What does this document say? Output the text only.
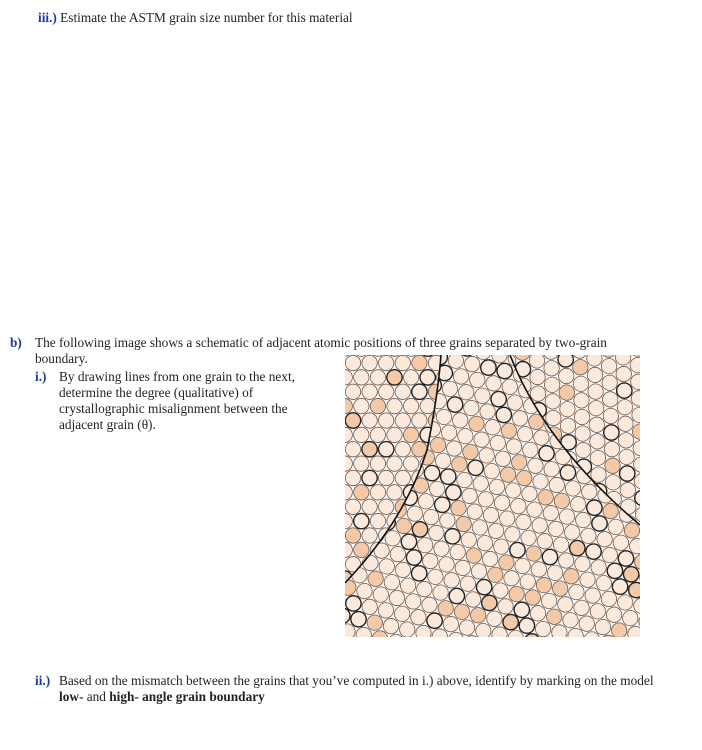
iii.) Estimate the ASTM grain size number for this material
b) The following image shows a schematic of adjacent atomic positions of three grains separated by two-grain boundary.
i.) By drawing lines from one grain to the next, determine the degree (qualitative) of crystallographic misalignment between the adjacent grain (θ).
ii.) Based on the mismatch between the grains that you’ve computed in i.) above, identify by marking on the model low- and high- angle grain boundary
